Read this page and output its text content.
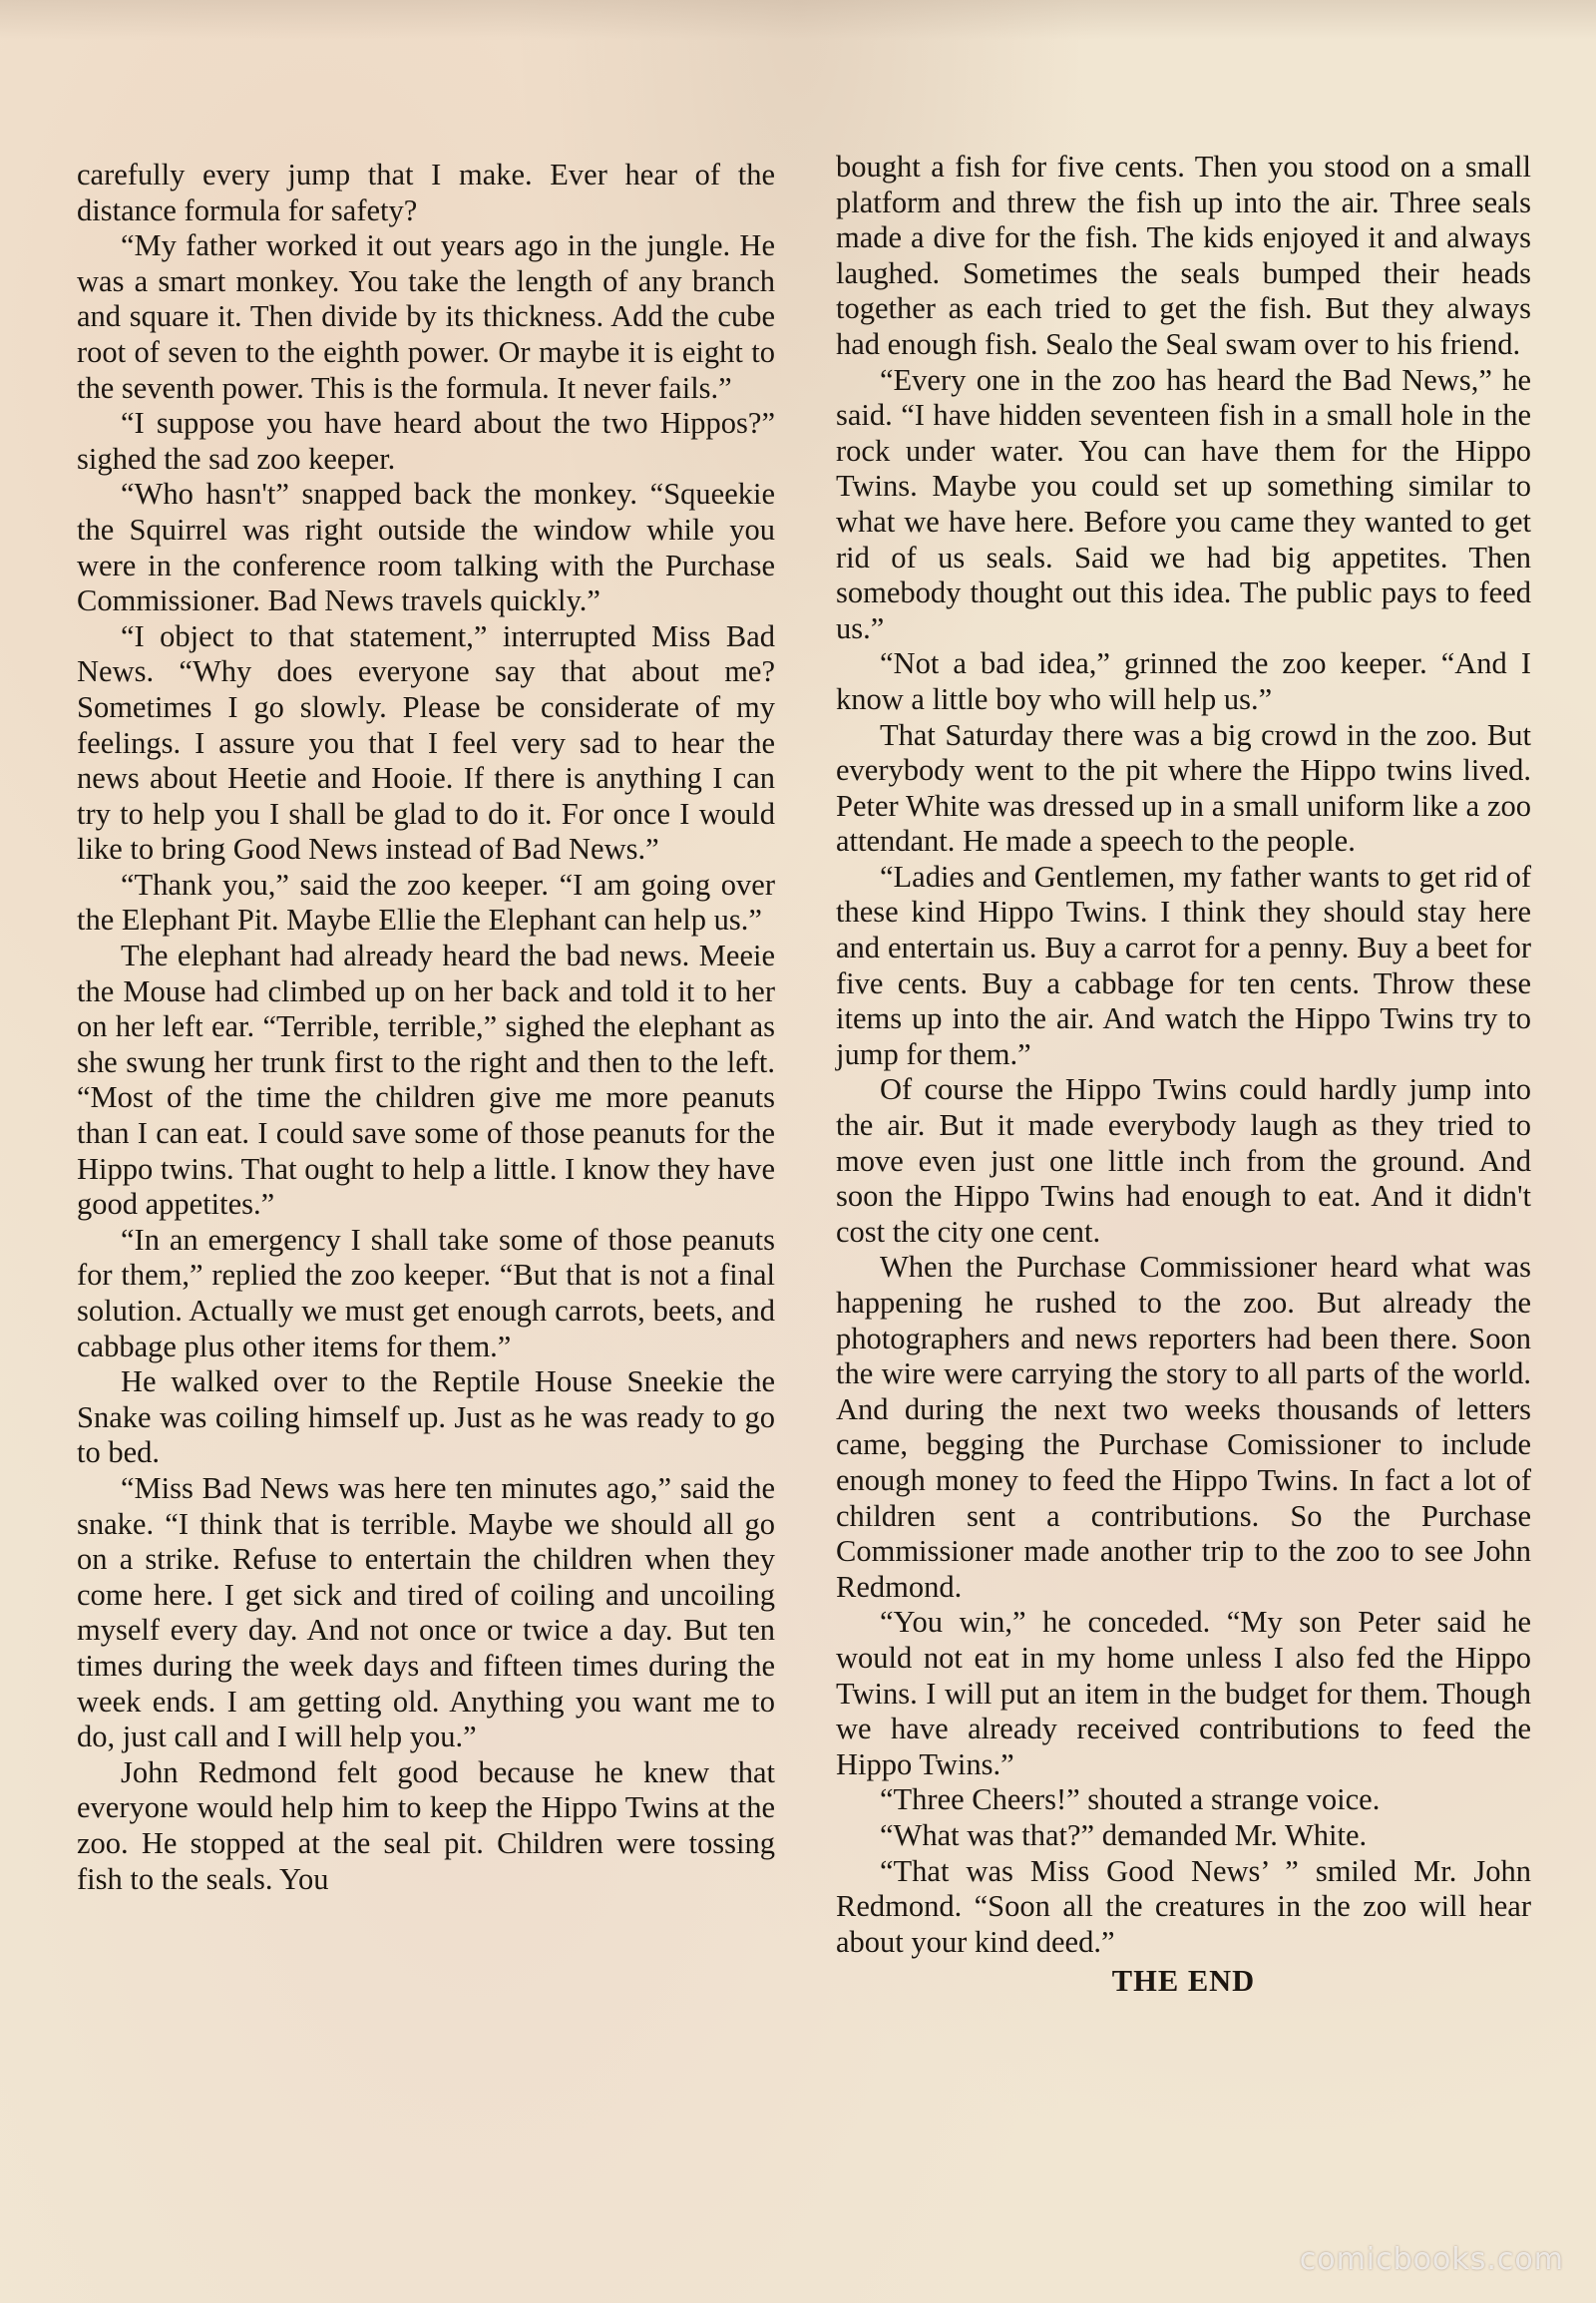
carefully every jump that I make. Ever hear of the distance formula for safety?

“My father worked it out years ago in the jungle. He was a smart monkey. You take the length of any branch and square it. Then divide by its thickness. Add the cube root of seven to the eighth power. Or maybe it is eight to the seventh power. This is the formula. It never fails.”

“I suppose you have heard about the two Hippos?” sighed the sad zoo keeper.

“Who hasn't” snapped back the monkey. “Squeekie the Squirrel was right outside the window while you were in the conference room talking with the Purchase Commissioner. Bad News travels quickly.”

“I object to that statement,” interrupted Miss Bad News. “Why does everyone say that about me? Sometimes I go slowly. Please be considerate of my feelings. I assure you that I feel very sad to hear the news about Heetie and Hooie. If there is anything I can try to help you I shall be glad to do it. For once I would like to bring Good News instead of Bad News.”

“Thank you,” said the zoo keeper. “I am going over the Elephant Pit. Maybe Ellie the Elephant can help us.”

The elephant had already heard the bad news. Meeie the Mouse had climbed up on her back and told it to her on her left ear. “Terrible, terrible,” sighed the elephant as she swung her trunk first to the right and then to the left. “Most of the time the children give me more peanuts than I can eat. I could save some of those peanuts for the Hippo twins. That ought to help a little. I know they have good appetites.”

“In an emergency I shall take some of those peanuts for them,” replied the zoo keeper. “But that is not a final solution. Actually we must get enough carrots, beets, and cabbage plus other items for them.”

He walked over to the Reptile House Sneekie the Snake was coiling himself up. Just as he was ready to go to bed.

“Miss Bad News was here ten minutes ago,” said the snake. “I think that is terrible. Maybe we should all go on a strike. Refuse to entertain the children when they come here. I get sick and tired of coiling and uncoiling myself every day. And not once or twice a day. But ten times during the week days and fifteen times during the week ends. I am getting old. Anything you want me to do, just call and I will help you.”

John Redmond felt good because he knew that everyone would help him to keep the Hippo Twins at the zoo. He stopped at the seal pit. Children were tossing fish to the seals. You

bought a fish for five cents. Then you stood on a small platform and threw the fish up into the air. Three seals made a dive for the fish. The kids enjoyed it and always laughed. Sometimes the seals bumped their heads together as each tried to get the fish. But they always had enough fish. Sealo the Seal swam over to his friend.

“Every one in the zoo has heard the Bad News,” he said. “I have hidden seventeen fish in a small hole in the rock under water. You can have them for the Hippo Twins. Maybe you could set up something similar to what we have here. Before you came they wanted to get rid of us seals. Said we had big appetites. Then somebody thought out this idea. The public pays to feed us.”

“Not a bad idea,” grinned the zoo keeper. “And I know a little boy who will help us.”

That Saturday there was a big crowd in the zoo. But everybody went to the pit where the Hippo twins lived. Peter White was dressed up in a small uniform like a zoo attendant. He made a speech to the people.

“Ladies and Gentlemen, my father wants to get rid of these kind Hippo Twins. I think they should stay here and entertain us. Buy a carrot for a penny. Buy a beet for five cents. Buy a cabbage for ten cents. Throw these items up into the air. And watch the Hippo Twins try to jump for them.”

Of course the Hippo Twins could hardly jump into the air. But it made everybody laugh as they tried to move even just one little inch from the ground. And soon the Hippo Twins had enough to eat. And it didn't cost the city one cent.

When the Purchase Commissioner heard what was happening he rushed to the zoo. But already the photographers and news reporters had been there. Soon the wire were carrying the story to all parts of the world. And during the next two weeks thousands of letters came, begging the Purchase Comissioner to include enough money to feed the Hippo Twins. In fact a lot of children sent a contributions. So the Purchase Commissioner made another trip to the zoo to see John Redmond.

“You win,” he conceded. “My son Peter said he would not eat in my home unless I also fed the Hippo Twins. I will put an item in the budget for them. Though we have already received contributions to feed the Hippo Twins.”

“Three Cheers!” shouted a strange voice.

“What was that?” demanded Mr. White.

“That was Miss Good News’ ” smiled Mr. John Redmond. “Soon all the creatures in the zoo will hear about your kind deed.”

THE END
comicbooks.com
